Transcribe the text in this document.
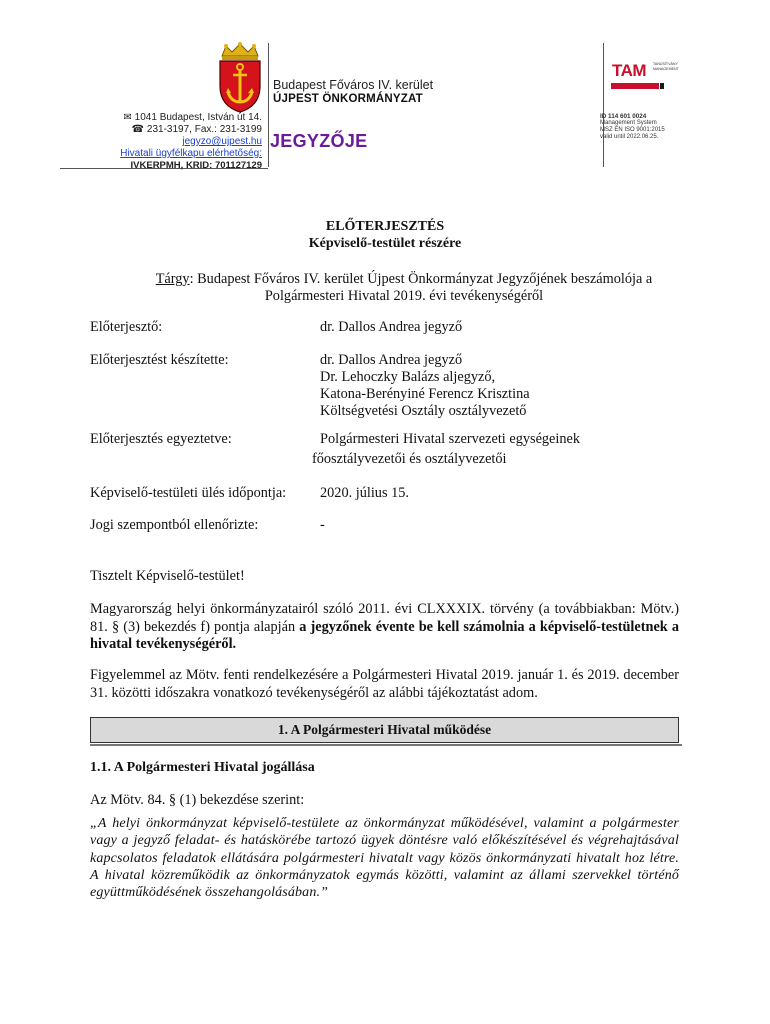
Budapest Főváros IV. kerület
ÚJPEST ÖNKORMÁNYZAT
✉ 1041 Budapest, István út 14.
☎ 231-3197, Fax.: 231-3199
jegyzo@ujpest.hu
Hivatali ügyfélkapu elérhetőség:
IVKERPMH, KRID: 701127129
JEGYZŐJE
TAM TANÚSÍTVÁNY MANAGEMENT
ID 114 601 0024
Management System
MSZ EN ISO 9001:2015
valid until 2022.06.25.
ELŐTERJESZTÉS
Képviselő-testület részére
Tárgy: Budapest Főváros IV. kerület Újpest Önkormányzat Jegyzőjének beszámolója a
Polgármesteri Hivatal 2019. évi tevékenységéről
Előterjesztő:	dr. Dallos Andrea jegyző
Előterjesztést készítette:	dr. Dallos Andrea jegyző
Dr. Lehoczky Balázs aljegyző,
Katona-Berényiné Ferencz Krisztina
Költségvetési Osztály osztályvezető
Előterjesztés egyeztetve:	Polgármesteri Hivatal szervezeti egységeinek
főosztályvezetői és osztályvezetői
Képviselő-testületi ülés időpontja: 2020. július 15.
Jogi szempontból ellenőrizte:	-
Tisztelt Képviselő-testület!
Magyarország helyi önkormányzatairól szóló 2011. évi CLXXXIX. törvény (a továbbiakban: Mötv.) 81. § (3) bekezdés f) pontja alapján a jegyzőnek évente be kell számolnia a képviselő-testületnek a hivatal tevékenységéről.
Figyelemmel az Mötv. fenti rendelkezésére a Polgármesteri Hivatal 2019. január 1. és 2019. december 31. közötti időszakra vonatkozó tevékenységéről az alábbi tájékoztatást adom.
1. A Polgármesteri Hivatal működése
1.1. A Polgármesteri Hivatal jogállása
Az Mötv. 84. § (1) bekezdése szerint:
„A helyi önkormányzat képviselő-testülete az önkormányzat működésével, valamint a polgármester vagy a jegyző feladat- és hatáskörébe tartozó ügyek döntésre való előkészítésével és végrehajtásával kapcsolatos feladatok ellátására polgármesteri hivatalt vagy közös önkormányzati hivatalt hoz létre. A hivatal közreműködik az önkormányzatok egymás közötti, valamint az állami szervekkel történő együttműködésének összehangolásában.”
